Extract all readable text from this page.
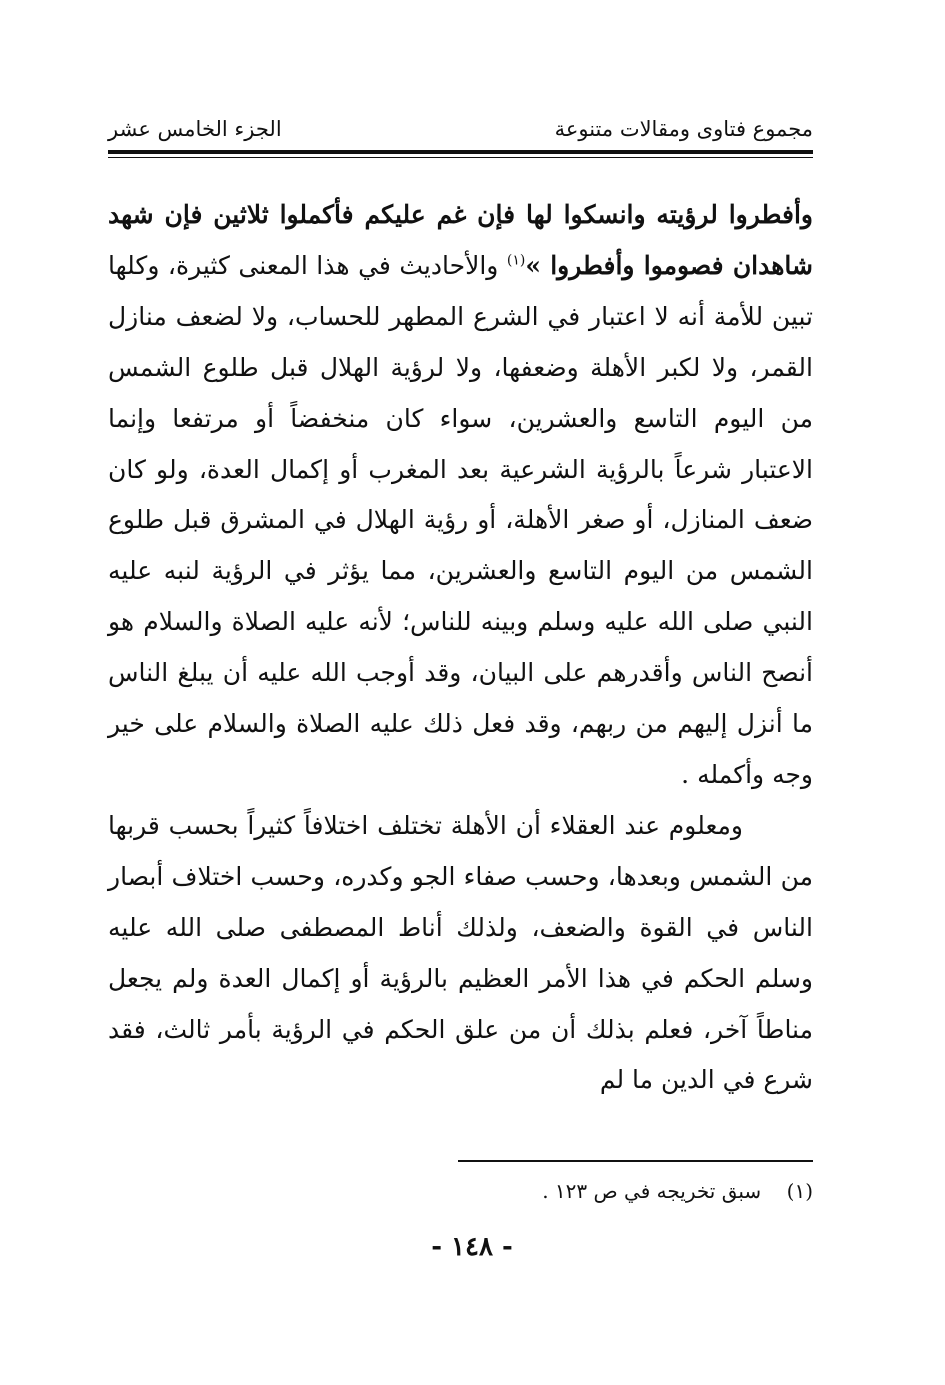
مجموع فتاوى ومقالات متنوعة
الجزء الخامس عشر

وأفطروا لرؤيته وانسكوا لها فإن غم عليكم فأكملوا ثلاثين فإن شهد شاهدان فصوموا وأفطروا »$^{(١)}$ والأحاديث في هذا المعنى كثيرة، وكلها تبين للأمة أنه لا اعتبار في الشرع المطهر للحساب، ولا لضعف منازل القمر، ولا لكبر الأهلة وضعفها، ولا لرؤية الهلال قبل طلوع الشمس من اليوم التاسع والعشرين، سواء كان منخفضاً أو مرتفعا وإنما الاعتبار شرعاً بالرؤية الشرعية بعد المغرب أو إكمال العدة، ولو كان ضعف المنازل، أو صغر الأهلة، أو رؤية الهلال في المشرق قبل طلوع الشمس من اليوم التاسع والعشرين، مما يؤثر في الرؤية لنبه عليه النبي صلى الله عليه وسلم وبينه للناس؛ لأنه عليه الصلاة والسلام هو أنصح الناس وأقدرهم على البيان، وقد أوجب الله عليه أن يبلغ الناس ما أنزل إليهم من ربهم، وقد فعل ذلك عليه الصلاة والسلام على خير وجه وأكمله .

ومعلوم عند العقلاء أن الأهلة تختلف اختلافاً كثيراً بحسب قربها من الشمس وبعدها، وحسب صفاء الجو وكدره، وحسب اختلاف أبصار الناس في القوة والضعف، ولذلك أناط المصطفى صلى الله عليه وسلم الحكم في هذا الأمر العظيم بالرؤية أو إكمال العدة ولم يجعل مناطاً آخر، فعلم بذلك أن من علق الحكم في الرؤية بأمر ثالث، فقد شرع في الدين ما لم

(١)    سبق تخريجه في ص ١٢٣ .
- ١٤٨ -
